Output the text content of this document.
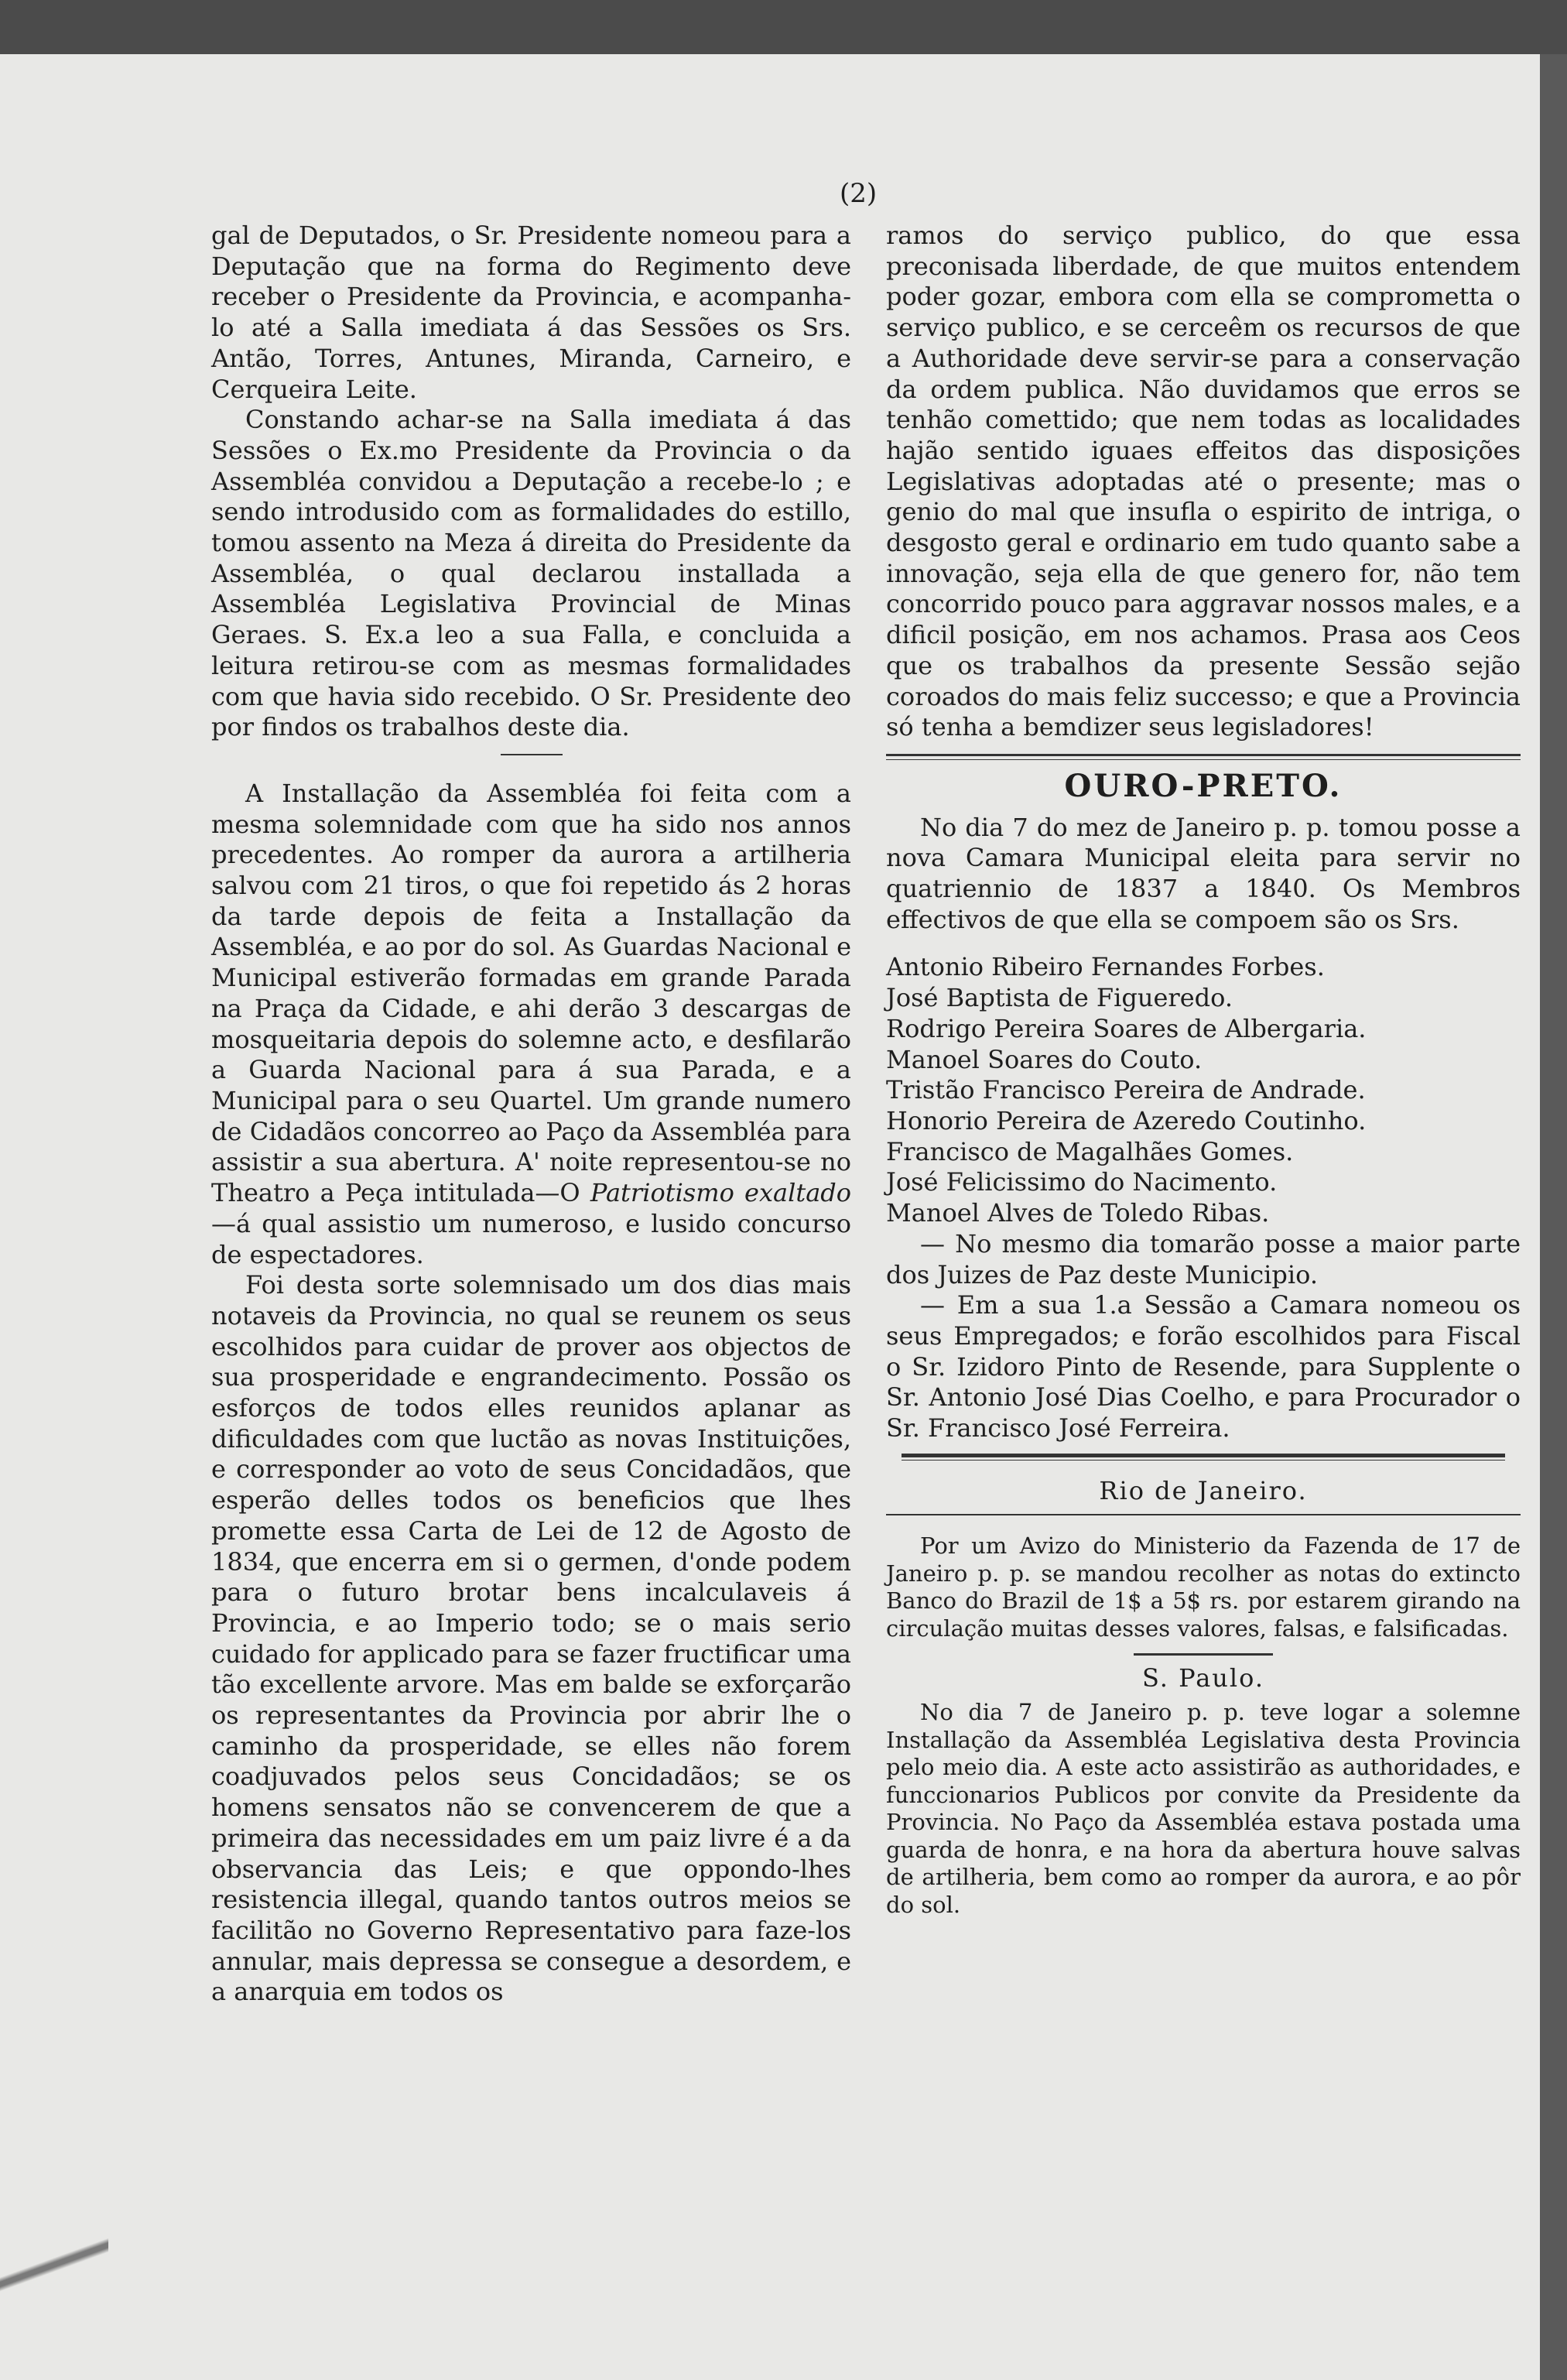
(2)

gal de Deputados, o Sr. Presidente nomeou para a Deputação que na forma do Regimento deve receber o Presidente da Provincia, e acompanha-lo até a Salla imediata á das Sessões os Srs. Antão, Torres, Antunes, Miranda, Carneiro, e Cerqueira Leite.

Constando achar-se na Salla imediata á das Sessões o Ex.mo Presidente da Provincia o da Assembléa convidou a Deputação a recebe-lo ; e sendo introdusido com as formalidades do estillo, tomou assento na Meza á direita do Presidente da Assembléa, o qual declarou installada a Assembléa Legislativa Provincial de Minas Geraes. S. Ex.a leo a sua Falla, e concluida a leitura retirou-se com as mesmas formalidades com que havia sido recebido. O Sr. Presidente deo por findos os trabalhos deste dia.

A Installação da Assembléa foi feita com a mesma solemnidade com que ha sido nos annos precedentes. Ao romper da aurora a artilheria salvou com 21 tiros, o que foi repetido ás 2 horas da tarde depois de feita a Installação da Assembléa, e ao por do sol. As Guardas Nacional e Municipal estiverão formadas em grande Parada na Praça da Cidade, e ahi derão 3 descargas de mosqueitaria depois do solemne acto, e desfilarão a Guarda Nacional para á sua Parada, e a Municipal para o seu Quartel. Um grande numero de Cidadãos concorreo ao Paço da Assembléa para assistir a sua abertura. A' noite representou-se no Theatro a Peça intitulada—O Patriotismo exaltado—á qual assistio um numeroso, e lusido concurso de espectadores.

Foi desta sorte solemnisado um dos dias mais notaveis da Provincia, no qual se reunem os seus escolhidos para cuidar de prover aos objectos de sua prosperidade e engrandecimento. Possão os esforços de todos elles reunidos aplanar as dificuldades com que luctão as novas Instituições, e corresponder ao voto de seus Concidadãos, que esperão delles todos os beneficios que lhes promette essa Carta de Lei de 12 de Agosto de 1834, que encerra em si o germen, d'onde podem para o futuro brotar bens incalculaveis á Provincia, e ao Imperio todo; se o mais serio cuidado for applicado para se fazer fructificar uma tão excellente arvore. Mas em balde se exforçarão os representantes da Provincia por abrir lhe o caminho da prosperidade, se elles não forem coadjuvados pelos seus Concidadãos; se os homens sensatos não se convencerem de que a primeira das necessidades em um paiz livre é a da observancia das Leis; e que oppondo-lhes resistencia illegal, quando tantos outros meios se facilitão no Governo Representativo para faze-los annular, mais depressa se consegue a desordem, e a anarquia em todos os

ramos do serviço publico, do que essa preconisada liberdade, de que muitos entendem poder gozar, embora com ella se compromettа o serviço publico, e se cerceêm os recursos de que a Authoridade deve servir-se para a conservação da ordem publica. Não duvidamos que erros se tenhão comettido; que nem todas as localidades hajão sentido iguaes effeitos das disposições Legislativas adoptadas até o presente; mas o genio do mal que insufla o espirito de intriga, o desgosto geral e ordinario em tudo quanto sabe a innovação, seja ella de que genero for, não tem concorrido pouco para aggravar nossos males, e a dificil posição, em nos achamos. Prasa aos Ceos que os trabalhos da presente Sessão sejão coroados do mais feliz successo; e que a Provincia só tenha a bemdizer seus legisladores!

OURO-PRETO.

No dia 7 do mez de Janeiro p. p. tomou posse a nova Camara Municipal eleita para servir no quatriennio de 1837 a 1840. Os Membros effectivos de que ella se compoem são os Srs.

Antonio Ribeiro Fernandes Forbes.

José Baptista de Figueredo.

Rodrigo Pereira Soares de Albergaria.

Manoel Soares do Couto.

Tristão Francisco Pereira de Andrade.

Honorio Pereira de Azeredo Coutinho.

Francisco de Magalhães Gomes.

José Felicissimo do Nacimento.

Manoel Alves de Toledo Ribas.

— No mesmo dia tomarão posse a maior parte dos Juizes de Paz deste Municipio.

— Em a sua 1.a Sessão a Camara nomeou os seus Empregados; e forão escolhidos para Fiscal o Sr. Izidoro Pinto de Resende, para Supplente o Sr. Antonio José Dias Coelho, e para Procurador o Sr. Francisco José Ferreira.

Rio de Janeiro.

Por um Avizo do Ministerio da Fazenda de 17 de Janeiro p. p. se mandou recolher as notas do extincto Banco do Brazil de 1$ a 5$ rs. por estarem girando na circulação muitas desses valores, falsas, e falsificadas.

S. Paulo.

No dia 7 de Janeiro p. p. teve logar a solemne Installação da Assembléa Legislativa desta Provincia pelo meio dia. A este acto assistirão as authoridades, e funccionarios Publicos por convite da Presidente da Provincia. No Paço da Assembléa estava postada uma guarda de honra, e na hora da abertura houve salvas de artilheria, bem como ao romper da aurora, e ao pôr do sol.
